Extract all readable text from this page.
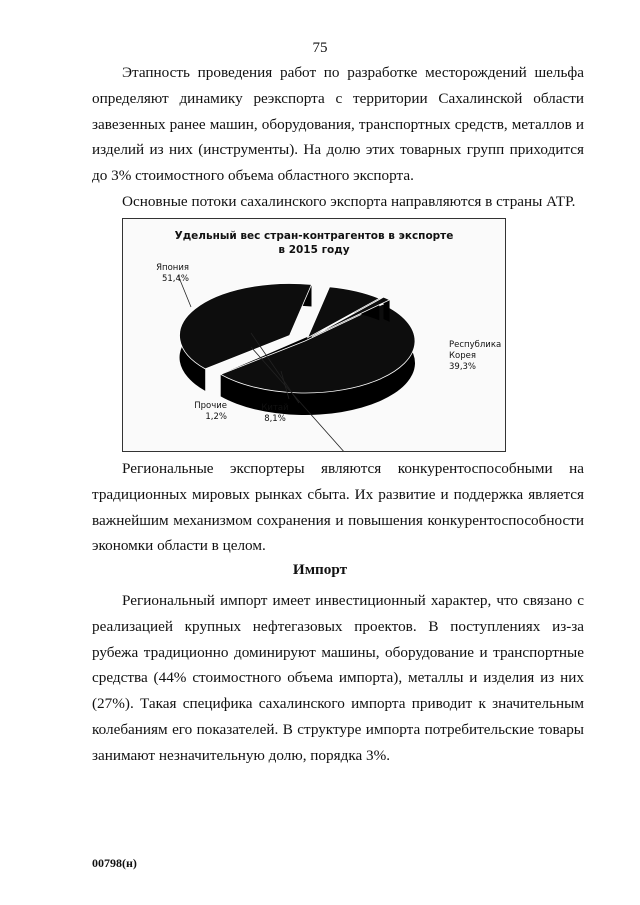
75

Этапность проведения работ по разработке месторождений шельфа определяют динамику реэкспорта с территории Сахалинской области завезенных ранее машин, оборудования, транспортных средств, металлов и изделий из них (инструменты). На долю этих товарных групп приходится до 3% стоимостного объема областного экспорта.

Основные потоки сахалинского экспорта направляются в страны АТР.

Удельный вес стран-контрагентов в экспорте
в 2015 году
Япония
51,4%
Республика
Корея
39,3%
Китай
8,1%
Прочие
1,2%

Региональные экспортеры являются конкурентоспособными на традиционных мировых рынках сбыта. Их развитие и поддержка является важнейшим механизмом сохранения и повышения конкурентоспособности экономки области в целом.

Импорт

Региональный импорт имеет инвестиционный характер, что связано с реализацией крупных нефтегазовых проектов. В поступлениях из-за рубежа традиционно доминируют машины, оборудование и транспортные средства (44% стоимостного объема импорта), металлы и изделия из них (27%). Такая специфика сахалинского импорта приводит к значительным колебаниям его показателей. В структуре импорта потребительские товары занимают незначительную долю, порядка 3%.

00798(н)
